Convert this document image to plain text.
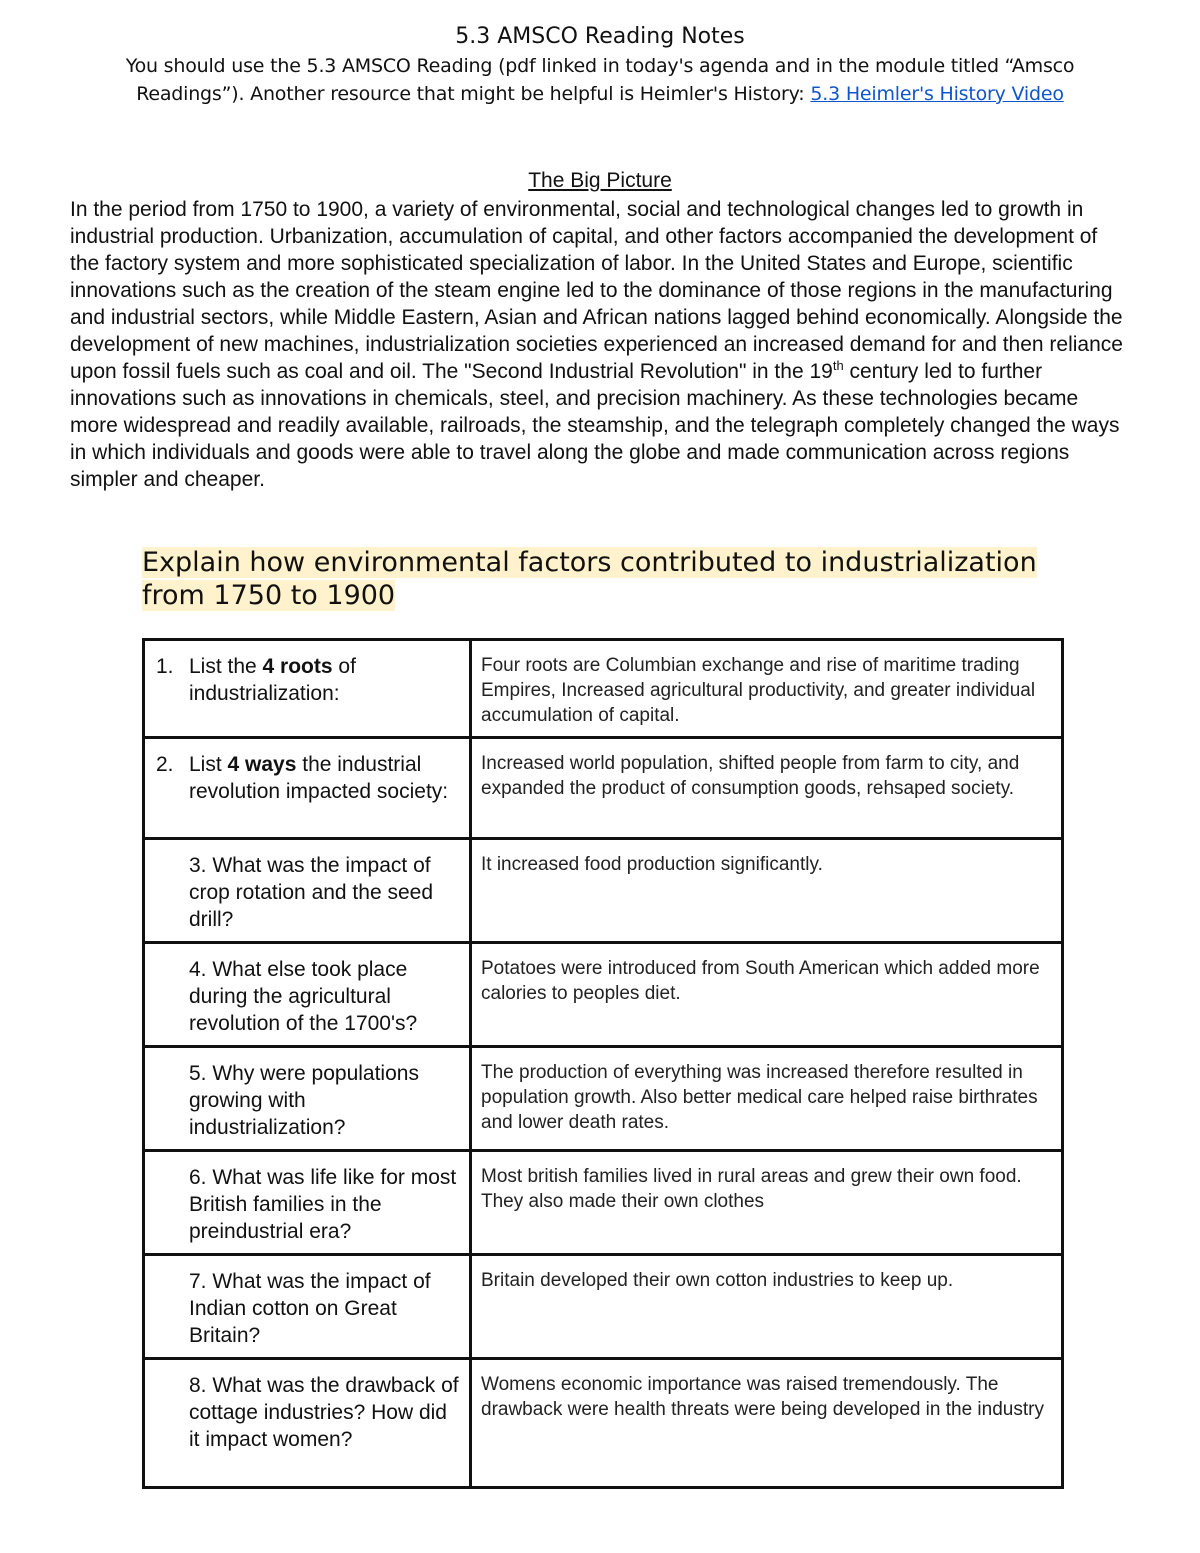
5.3 AMSCO Reading Notes

You should use the 5.3 AMSCO Reading (pdf linked in today's agenda and in the module titled “Amsco Readings”). Another resource that might be helpful is Heimler's History: 5.3 Heimler's History Video

The Big Picture

In the period from 1750 to 1900, a variety of environmental, social and technological changes led to growth in industrial production. Urbanization, accumulation of capital, and other factors accompanied the development of the factory system and more sophisticated specialization of labor. In the United States and Europe, scientific innovations such as the creation of the steam engine led to the dominance of those regions in the manufacturing and industrial sectors, while Middle Eastern, Asian and African nations lagged behind economically. Alongside the development of new machines, industrialization societies experienced an increased demand for and then reliance upon fossil fuels such as coal and oil. The "Second Industrial Revolution" in the 19th century led to further innovations such as innovations in chemicals, steel, and precision machinery. As these technologies became more widespread and readily available, railroads, the steamship, and the telegraph completely changed the ways in which individuals and goods were able to travel along the globe and made communication across regions simpler and cheaper.

Explain how environmental factors contributed to industrialization from 1750 to 1900

1. List the 4 roots of industrialization:	Four roots are Columbian exchange and rise of maritime trading Empires, Increased agricultural productivity, and greater individual accumulation of capital.

2. List 4 ways the industrial revolution impacted society:	Increased world population, shifted people from farm to city, and expanded the product of consumption goods, rehsaped society.
3. What was the impact of crop rotation and the seed drill?	It increased food production significantly.
4. What else took place during the agricultural revolution of the 1700's?	Potatoes were introduced from South American which added more calories to peoples diet.
5. Why were populations growing with industrialization?	The production of everything was increased therefore resulted in population growth. Also better medical care helped raise birthrates and lower death rates.
6. What was life like for most British families in the preindustrial era?	Most british families lived in rural areas and grew their own food. They also made their own clothes
7. What was the impact of Indian cotton on Great Britain?	Britain developed their own cotton industries to keep up.
8. What was the drawback of cottage industries? How did it impact women?	Womens economic importance was raised tremendously. The drawback were health threats were being developed in the industry
